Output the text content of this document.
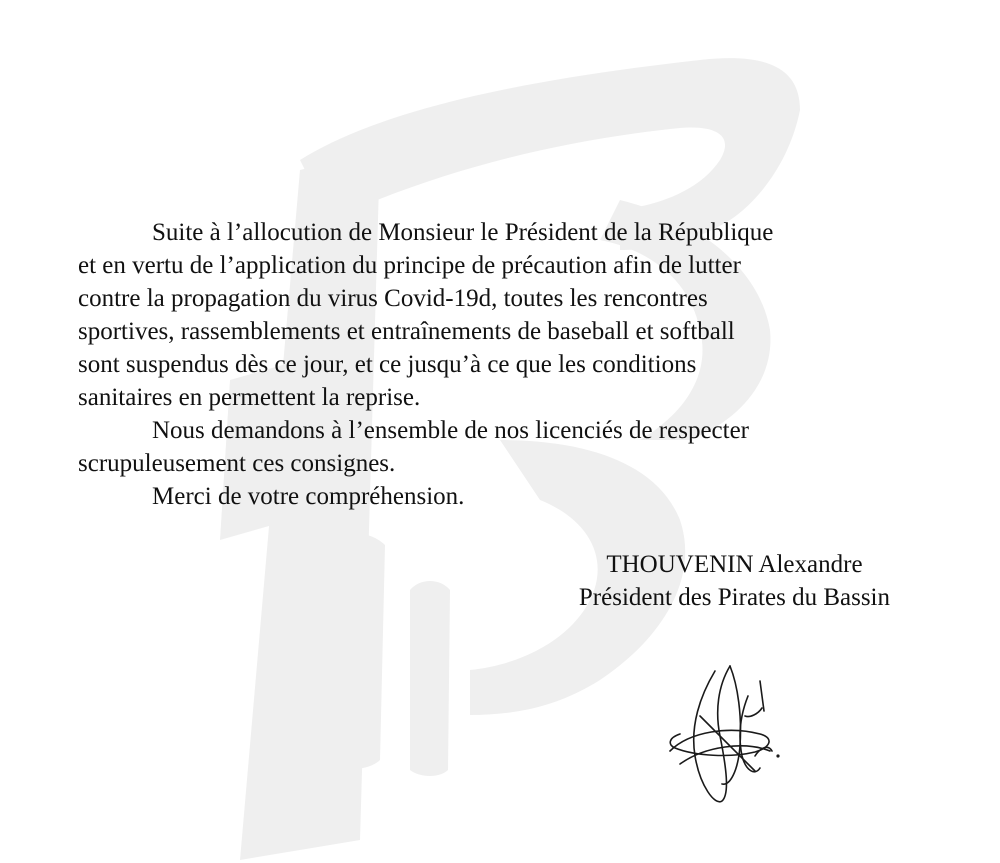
Suite à l’allocution de Monsieur le Président de la République
et en vertu de l’application du principe de précaution afin de lutter
contre la propagation du virus Covid-19d, toutes les rencontres
sportives, rassemblements et entraînements de baseball et softball
sont suspendus dès ce jour, et ce jusqu’à ce que les conditions
sanitaires en permettent la reprise.

Nous demandons à l’ensemble de nos licenciés de respecter
scrupuleusement ces consignes.

Merci de votre compréhension.

THOUVENIN Alexandre
Président des Pirates du Bassin
